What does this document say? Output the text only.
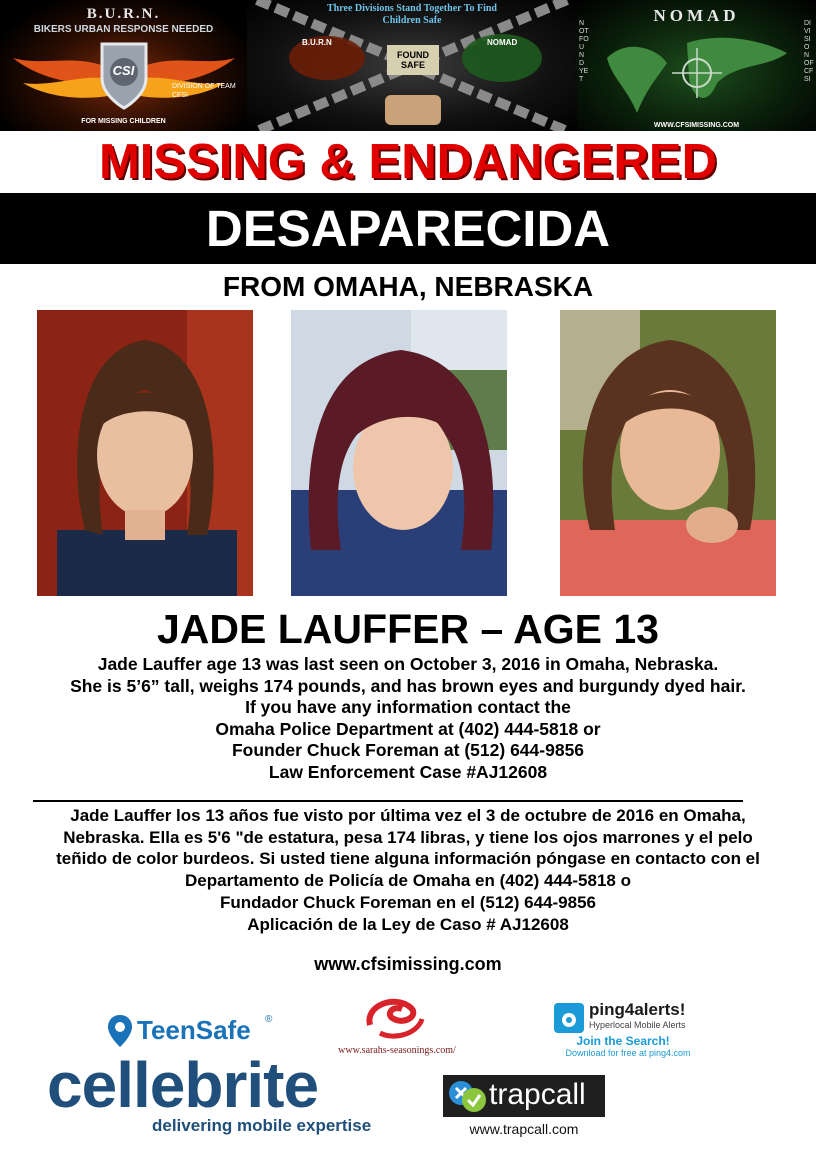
B.U.R.N.
BIKERS URBAN RESPONSE NEEDED
CSI
DIVISION OF TEAM CFSI
FOR MISSING CHILDREN
Three Divisions Stand Together To Find Children Safe
B.U.R.N	NOMAD
FOUND SAFE
NOMAD
NOT FOUND YET
DIVISION OF CFSI
WWW.CFSIMISSING.COM
MISSING & ENDANGERED
DESAPARECIDA
FROM OMAHA, NEBRASKA
JADE LAUFFER – AGE 13
Jade Lauffer age 13 was last seen on October 3, 2016 in Omaha, Nebraska.
She is 5’6” tall, weighs 174 pounds, and has brown eyes and burgundy dyed hair.
If you have any information contact the
Omaha Police Department at (402) 444-5818 or
Founder Chuck Foreman at (512) 644-9856
Law Enforcement Case #AJ12608
Jade Lauffer los 13 años fue visto por última vez el 3 de octubre de 2016 en Omaha,
Nebraska. Ella es 5'6 "de estatura, pesa 174 libras, y tiene los ojos marrones y el pelo
teñido de color burdeos. Si usted tiene alguna información póngase en contacto con el
Departamento de Policía de Omaha en (402) 444-5818 o
Fundador Chuck Foreman en el (512) 644-9856
Aplicación de la Ley de Caso # AJ12608
www.cfsimissing.com
TeenSafe ®
www.sarahs-seasonings.com/
ping4alerts!
Hyperlocal Mobile Alerts
Join the Search!
Download for free at ping4.com
cellebrite
delivering mobile expertise
trapcall
www.trapcall.com
